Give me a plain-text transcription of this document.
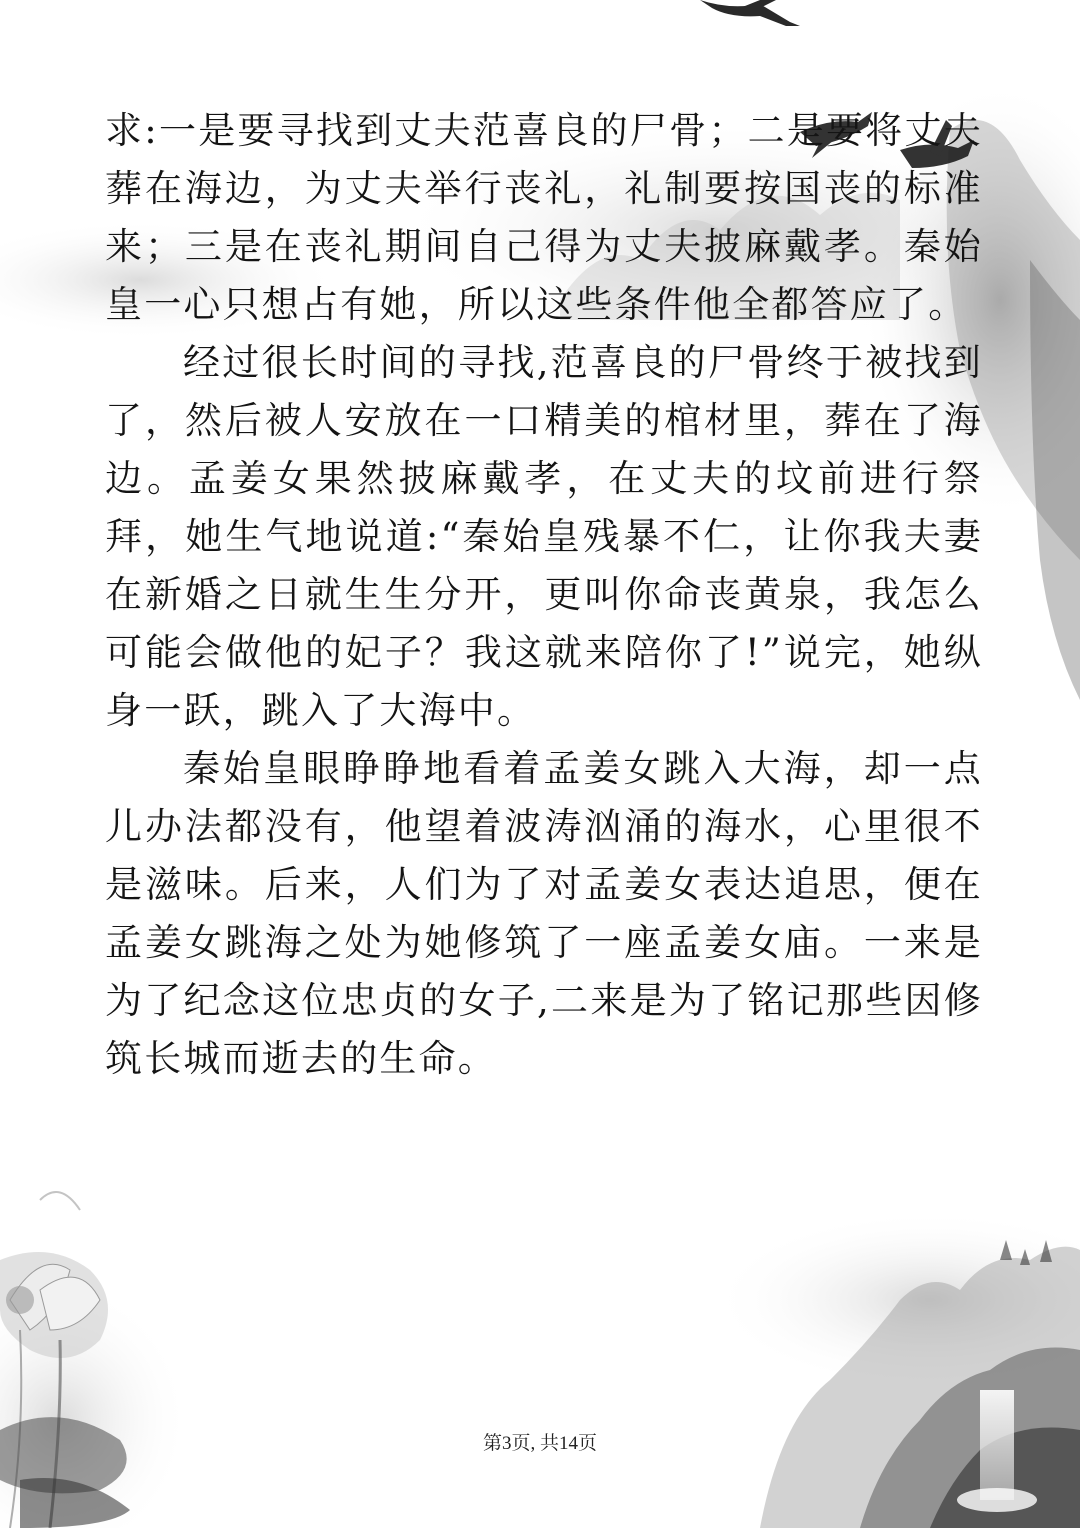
求:一是要寻找到丈夫范喜良的尸骨；二是要将丈夫葬在海边，为丈夫举行丧礼，礼制要按国丧的标准来；三是在丧礼期间自己得为丈夫披麻戴孝。秦始皇一心只想占有她，所以这些条件他全都答应了。

经过很长时间的寻找,范喜良的尸骨终于被找到了，然后被人安放在一口精美的棺材里，葬在了海边。孟姜女果然披麻戴孝，在丈夫的坟前进行祭拜，她生气地说道:“秦始皇残暴不仁，让你我夫妻在新婚之日就生生分开，更叫你命丧黄泉，我怎么可能会做他的妃子？我这就来陪你了!”说完，她纵身一跃，跳入了大海中。

秦始皇眼睁睁地看着孟姜女跳入大海，却一点儿办法都没有，他望着波涛汹涌的海水，心里很不是滋味。后来，人们为了对孟姜女表达追思，便在孟姜女跳海之处为她修筑了一座孟姜女庙。一来是为了纪念这位忠贞的女子,二来是为了铭记那些因修筑长城而逝去的生命。

第3页, 共14页
